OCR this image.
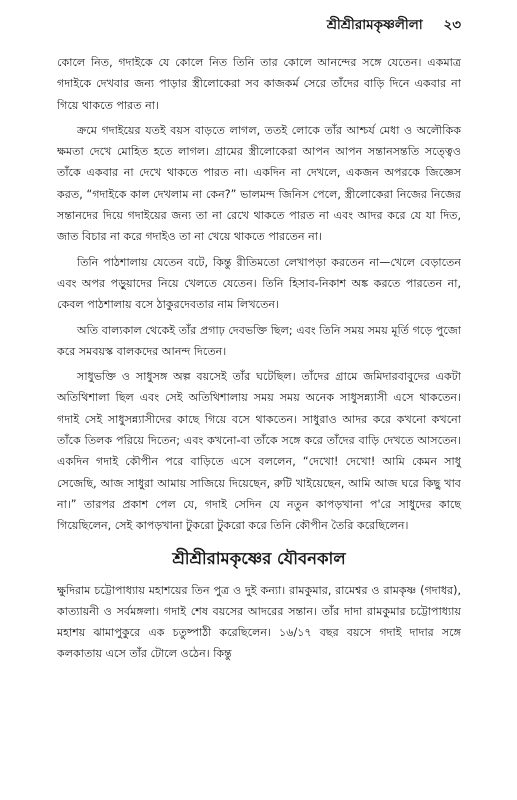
শ্রীশ্রীরামকৃষ্ণলীলা ২৩

কোলে নিত, গদাইকে যে কোলে নিত তিনি তার কোলে আনন্দের সঙ্গে যেতেন। একমাত্র গদাইকে দেখবার জন্য পাড়ার স্ত্রীলোকেরা সব কাজকর্ম সেরে তাঁদের বাড়ি দিনে একবার না গিয়ে থাকতে পারত না।

ক্রমে গদাইয়ের যতই বয়স বাড়তে লাগল, ততই লোকে তাঁর আশ্চর্য মেধা ও অলৌকিক ক্ষমতা দেখে মোহিত হতে লাগল। গ্রামের স্ত্রীলোকেরা আপন আপন সন্তানসন্ততি সত্ত্বেও তাঁকে একবার না দেখে থাকতে পারত না। একদিন না দেখলে, একজন অপরকে জিজ্ঞেস করত, “গদাইকে কাল দেখলাম না কেন?” ভালমন্দ জিনিস পেলে, স্ত্রীলোকেরা নিজের নিজের সন্তানদের দিয়ে গদাইয়ের জন্য তা না রেখে থাকতে পারত না এবং আদর করে যে যা দিত, জাত বিচার না করে গদাইও তা না খেয়ে থাকতে পারতেন না।

তিনি পাঠশালায় যেতেন বটে, কিন্তু রীতিমতো লেখাপড়া করতেন না—খেলে বেড়াতেন এবং অপর পড়ুয়াদের নিয়ে খেলতে যেতেন। তিনি হিসাব-নিকাশ অঙ্ক করতে পারতেন না, কেবল পাঠশালায় বসে ঠাকুরদেবতার নাম লিখতেন।

অতি বাল্যকাল থেকেই তাঁর প্রগাঢ় দেবভক্তি ছিল; এবং তিনি সময় সময় মূর্তি গড়ে পুজো করে সমবয়স্ক বালকদের আনন্দ দিতেন।

সাধুভক্তি ও সাধুসঙ্গ অল্প বয়সেই তাঁর ঘটেছিল। তাঁদের গ্রামে জমিদারবাবুদের একটা অতিথিশালা ছিল এবং সেই অতিথিশালায় সময় সময় অনেক সাধুসন্ন্যাসী এসে থাকতেন। গদাই সেই সাধুসন্ন্যাসীদের কাছে গিয়ে বসে থাকতেন। সাধুরাও আদর করে কখনো কখনো তাঁকে তিলক পরিয়ে দিতেন; এবং কখনো-বা তাঁকে সঙ্গে করে তাঁদের বাড়ি দেখতে আসতেন। একদিন গদাই কৌপীন পরে বাড়িতে এসে বললেন, “দেখো! দেখো! আমি কেমন সাধু সেজেছি, আজ সাধুরা আমায় সাজিয়ে দিয়েছেন, রুটি খাইয়েছেন, আমি আজ ঘরে কিছু খাব না।” তারপর প্রকাশ পেল যে, গদাই সেদিন যে নতুন কাপড়খানা প'রে সাধুদের কাছে গিয়েছিলেন, সেই কাপড়খানা টুকরো টুকরো করে তিনি কৌপীন তৈরি করেছিলেন।

শ্রীশ্রীরামকৃষ্ণের যৌবনকাল

ক্ষুদিরাম চট্টোপাধ্যায় মহাশয়ের তিন পুত্র ও দুই কন্যা। রামকুমার, রামেশ্বর ও রামকৃষ্ণ (গদাধর), কাত্যায়নী ও সর্বমঙ্গলা। গদাই শেষ বয়সের আদরের সন্তান। তাঁর দাদা রামকুমার চট্টোপাধ্যায় মহাশয় ঝামাপুকুরে এক চতুষ্পাঠী করেছিলেন। ১৬/১৭ বছর বয়সে গদাই দাদার সঙ্গে কলকাতায় এসে তাঁর টোলে ওঠেন। কিন্তু
